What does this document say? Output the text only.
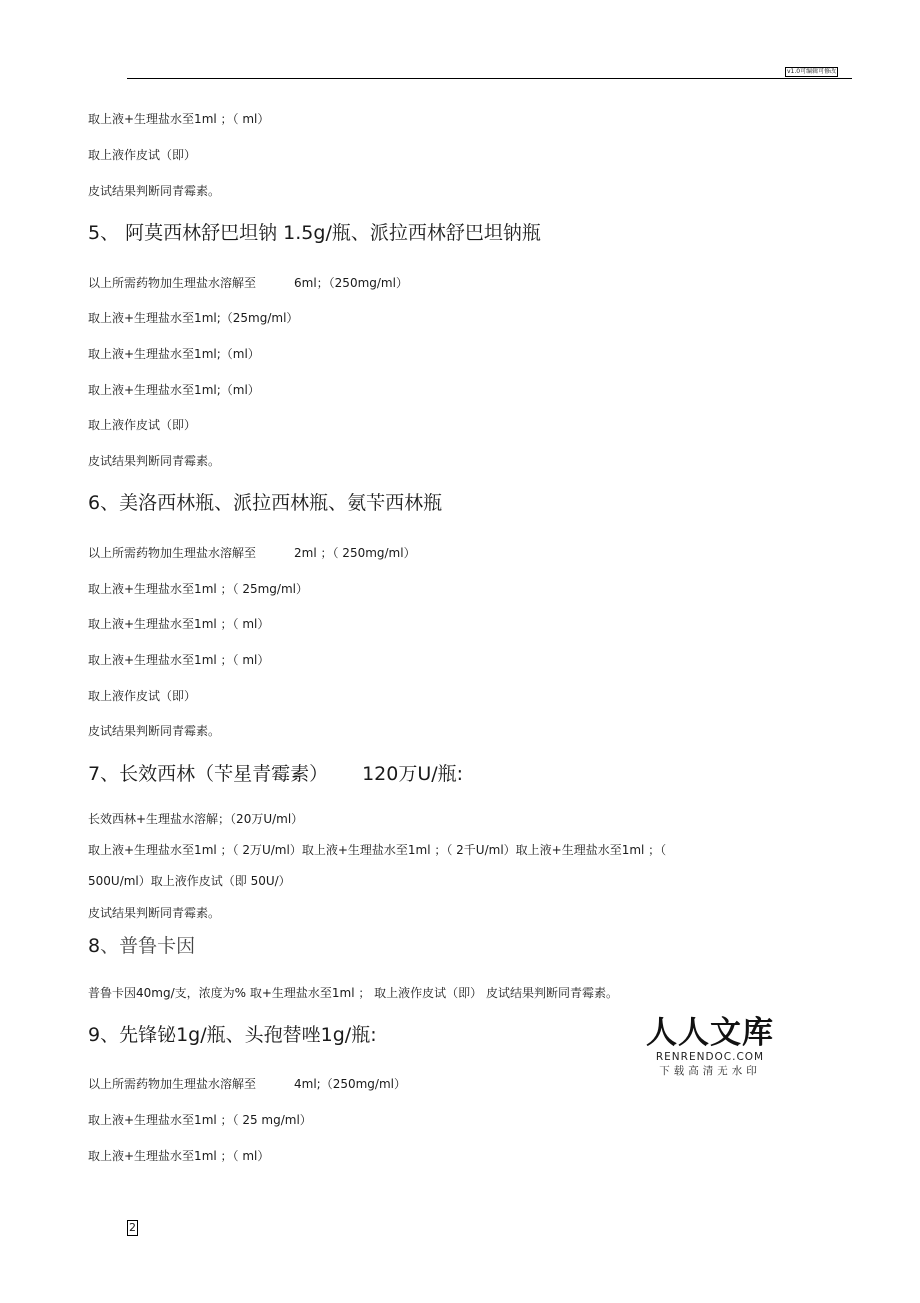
v1.0可编辑可修改
取上液+生理盐水至1ml ；（ ml）
取上液作皮试（即）
皮试结果判断同青霉素。
5、 阿莫西林舒巴坦钠 1.5g/瓶、派拉西林舒巴坦钠瓶
以上所需药物加生理盐水溶解至	6ml；（250mg/ml）
取上液+生理盐水至1ml;（25mg/ml）
取上液+生理盐水至1ml;（ml）
取上液+生理盐水至1ml;（ml）
取上液作皮试（即）
皮试结果判断同青霉素。
6、美洛西林瓶、派拉西林瓶、氨苄西林瓶
以上所需药物加生理盐水溶解至	2ml ；（ 250mg/ml）
取上液+生理盐水至1ml ；（ 25mg/ml）
取上液+生理盐水至1ml ；（ ml）
取上液+生理盐水至1ml ；（ ml）
取上液作皮试（即）
皮试结果判断同青霉素。
7、长效西林（苄星青霉素） 120万U/瓶:
长效西林+生理盐水溶解；（20万U/ml）
取上液+生理盐水至1ml ；（ 2万U/ml）取上液+生理盐水至1ml ；（ 2千U/ml）取上液+生理盐水至1ml ；（
500U/ml）取上液作皮试（即 50U/）
皮试结果判断同青霉素。
8、普鲁卡因
普鲁卡因40mg/支，浓度为% 取+生理盐水至1ml ； 取上液作皮试（即） 皮试结果判断同青霉素。
9、先锋铋1g/瓶、头孢替唑1g/瓶:
以上所需药物加生理盐水溶解至	4ml;（250mg/ml）
取上液+生理盐水至1ml ；（ 25 mg/ml）
取上液+生理盐水至1ml ；（ ml）
人人文库
RENRENDOC.COM
下载高清无水印
2
